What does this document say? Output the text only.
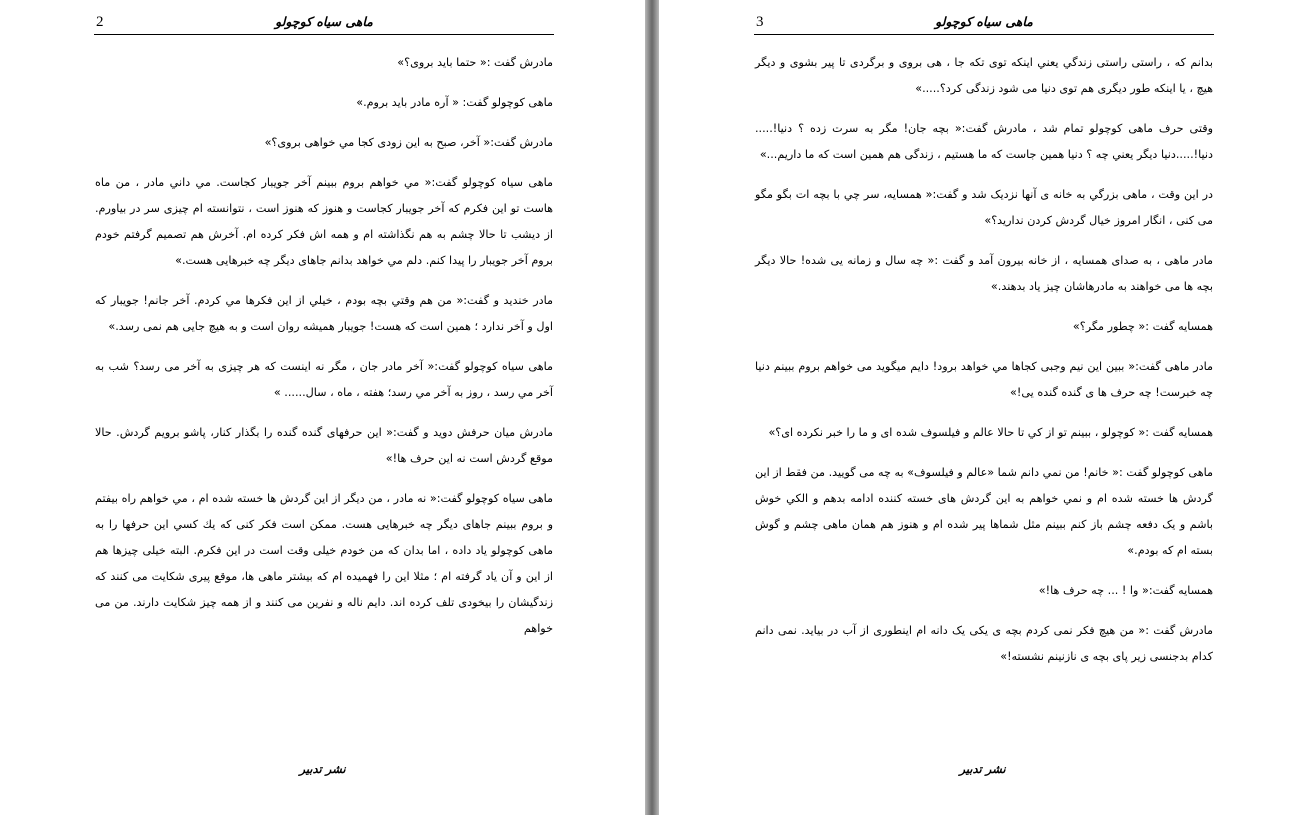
2	ماهی سیاه کوچولو

مادرش گفت :« حتما باید بروی؟»

ماهی کوچولو گفت: « آره مادر باید بروم.»

مادرش گفت:« آخر، صبح به این زودی کجا مي خواهی بروی؟»

ماهی سیاه کوچولو گفت:« مي خواهم بروم ببینم آخر جویبار کجاست. مي داني مادر ، من ماه هاست تو این فکرم که آخر جویبار کجاست و هنوز که هنوز است ، نتوانسته ام چیزی سر در بیاورم. از دیشب تا حالا چشم به هم نگذاشته ام و همه اش فکر کرده ام. آخرش هم تصمیم گرفتم خودم بروم آخر جویبار را پیدا کنم. دلم مي خواهد بدانم جاهای دیگر چه خبرهایی هست.»

مادر خندید و گفت:« من هم وقتي بچه بودم ، خیلي از این فکرها مي کردم. آخر جانم! جویبار که اول و آخر ندارد ؛ همین است که هست! جویبار همیشه روان است و به هیچ جایی هم نمی رسد.»

ماهی سیاه کوچولو گفت:« آخر مادر جان ، مگر نه اینست که هر چیزی به آخر می رسد؟ شب به آخر مي رسد ، روز به آخر مي رسد؛ هفته ، ماه ، سال...... »

مادرش میان حرفش دوید و گفت:« این حرفهای گنده گنده را بگذار کنار، پاشو برویم گردش. حالا موقع گردش است نه این حرف ها!»

ماهی سیاه کوچولو گفت:« نه مادر ، من دیگر از این گردش ها خسته شده ام ، مي خواهم راه بیفتم و بروم ببینم جاهای دیگر چه خبرهایی هست. ممکن است فکر کنی که یك کسي این حرفها را به ماهی کوچولو یاد داده ، اما بدان که من خودم خیلی وقت است در این فکرم. البته خیلی چیزها هم از این و آن یاد گرفته ام ؛ مثلا این را فهمیده ام که بیشتر ماهی ها، موقع پیری شکایت می کنند که زندگیشان را بیخودی تلف کرده اند. دایم ناله و نفرین می کنند و از همه چیز شکایت دارند. من می خواهم

نشر تدبیر
3	ماهی سیاه کوچولو

بدانم که ، راستی راستی زندگي یعني اینکه توی تکه جا ، هی بروی و برگردی تا پیر بشوی و دیگر هیچ ، یا اینکه طور دیگری هم توی دنیا می شود زندگی کرد؟.....»

وقتی حرف ماهی کوچولو تمام شد ، مادرش گفت:« بچه جان! مگر به سرت زده ؟ دنیا!..... دنیا!.....دنیا دیگر یعني چه ؟ دنیا همین جاست که ما هستیم ، زندگی هم همین است که ما داریم...»

در این وقت ، ماهی بزرگي به خانه ی آنها نزدیک شد و گفت:« همسایه، سر چي با بچه ات بگو مگو می کنی ، انگار امروز خیال گردش کردن ندارید؟»

مادر ماهی ، به صدای همسایه ، از خانه بیرون آمد و گفت :« چه سال و زمانه یی شده! حالا دیگر بچه ها می خواهند به مادرهاشان چیز یاد بدهند.»

همسایه گفت :« چطور مگر؟»

مادر ماهی گفت:« ببین این نیم وجبی کجاها مي خواهد برود! دایم میگوید می خواهم بروم ببینم دنیا چه خبرست! چه حرف ها ی گنده گنده یی!»

همسایه گفت :« کوچولو ، ببینم تو از کي تا حالا عالم و فیلسوف شده ای و ما را خبر نکرده ای؟»

ماهی کوچولو گفت :« خانم! من نمي دانم شما «عالم و فیلسوف» به چه می گویید. من فقط از این گردش ها خسته شده ام و نمي خواهم به این گردش های خسته کننده ادامه بدهم و الکي خوش باشم و یک دفعه چشم باز کنم ببینم مثل شماها پیر شده ام و هنوز هم همان ماهی چشم و گوش بسته ام که بودم.»

همسایه گفت:« وا ! ... چه حرف ها!»

مادرش گفت :« من هیچ فکر نمی کردم بچه ی یکی یک دانه ام اینطوری از آب در بیاید. نمی دانم کدام بدجنسی زیر پای بچه ی نازنینم نشسته!»

نشر تدبیر
